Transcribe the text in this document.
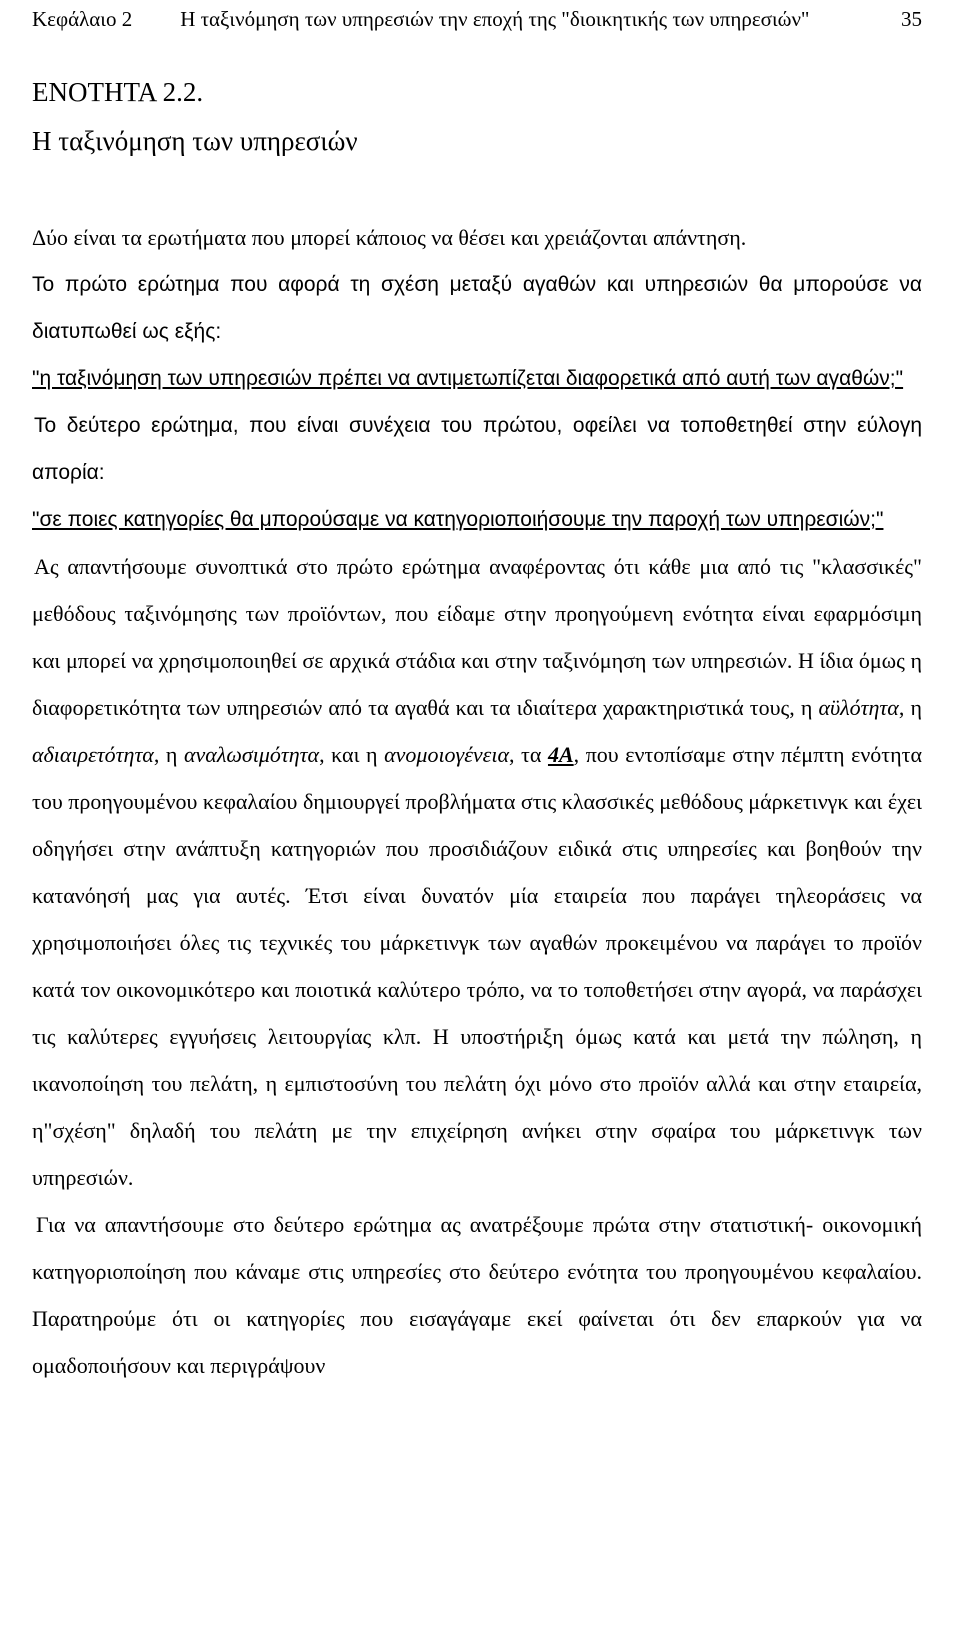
Κεφάλαιο 2	Η ταξινόμηση των υπηρεσιών την εποχή της "διοικητικής των υπηρεσιών"	35
ΕΝΟΤΗΤΑ 2.2.
Η ταξινόμηση των υπηρεσιών

Δύο είναι τα ερωτήματα που μπορεί κάποιος να θέσει και χρειάζονται απάντηση.

Το πρώτο ερώτημα που αφορά τη σχέση μεταξύ αγαθών και υπηρεσιών θα μπορούσε να διατυπωθεί ως εξής:

"η ταξινόμηση των υπηρεσιών πρέπει να αντιμετωπίζεται διαφορετικά από αυτή των αγαθών;"

Το δεύτερο ερώτημα, που είναι συνέχεια του πρώτου, οφείλει να τοποθετηθεί στην εύλογη απορία:

"σε ποιες κατηγορίες θα μπορούσαμε να κατηγοριοποιήσουμε την παροχή των υπηρεσιών;"

Ας απαντήσουμε συνοπτικά στο πρώτο ερώτημα αναφέροντας ότι κάθε μια από τις "κλασσικές" μεθόδους ταξινόμησης των προϊόντων, που είδαμε στην προηγούμενη ενότητα είναι εφαρμόσιμη και μπορεί να χρησιμοποιηθεί σε αρχικά στάδια και στην ταξινόμηση των υπηρεσιών. Η ίδια όμως η διαφορετικότητα των υπηρεσιών από τα αγαθά και τα ιδιαίτερα χαρακτηριστικά τους, η αϋλότητα, η αδιαιρετότητα, η αναλωσιμότητα, και η ανομοιογένεια, τα 4Α, που εντοπίσαμε στην πέμπτη ενότητα του προηγουμένου κεφαλαίου δημιουργεί προβλήματα στις κλασσικές μεθόδους μάρκετινγκ και έχει οδηγήσει στην ανάπτυξη κατηγοριών που προσιδιάζουν ειδικά στις υπηρεσίες και βοηθούν την κατανόησή μας για αυτές. Έτσι είναι δυνατόν μία εταιρεία που παράγει τηλεοράσεις να χρησιμοποιήσει όλες τις τεχνικές του μάρκετινγκ των αγαθών προκειμένου να παράγει το προϊόν κατά τον οικονομικότερο και ποιοτικά καλύτερο τρόπο, να το τοποθετήσει στην αγορά, να παράσχει τις καλύτερες εγγυήσεις λειτουργίας κλπ. Η υποστήριξη όμως κατά και μετά την πώληση, η ικανοποίηση του πελάτη, η εμπιστοσύνη του πελάτη όχι μόνο στο προϊόν αλλά και στην εταιρεία, η"σχέση" δηλαδή του πελάτη με την επιχείρηση ανήκει στην σφαίρα του μάρκετινγκ των υπηρεσιών.

Για να απαντήσουμε στο δεύτερο ερώτημα ας ανατρέξουμε πρώτα στην στατιστική- οικονομική κατηγοριοποίηση που κάναμε στις υπηρεσίες στο δεύτερο ενότητα του προηγουμένου κεφαλαίου. Παρατηρούμε ότι οι κατηγορίες που εισαγάγαμε εκεί φαίνεται ότι δεν επαρκούν για να ομαδοποιήσουν και περιγράψουν
